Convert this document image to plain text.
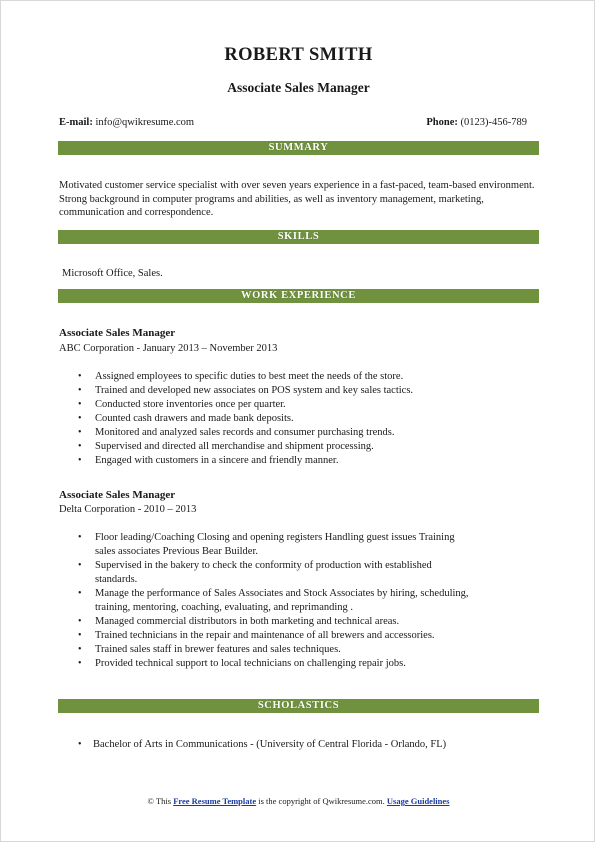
ROBERT SMITH
Associate Sales Manager
E-mail: info@qwikresume.com	Phone: (0123)-456-789
SUMMARY
Motivated customer service specialist with over seven years experience in a fast-paced, team-based environment. Strong background in computer programs and abilities, as well as inventory management, marketing, communication and correspondence.
SKILLS
Microsoft Office, Sales.
WORK EXPERIENCE
Associate Sales Manager
ABC Corporation - January 2013 – November 2013
• Assigned employees to specific duties to best meet the needs of the store.
• Trained and developed new associates on POS system and key sales tactics.
• Conducted store inventories once per quarter.
• Counted cash drawers and made bank deposits.
• Monitored and analyzed sales records and consumer purchasing trends.
• Supervised and directed all merchandise and shipment processing.
• Engaged with customers in a sincere and friendly manner.
Associate Sales Manager
Delta Corporation - 2010 – 2013
• Floor leading/Coaching Closing and opening registers Handling guest issues Training sales associates Previous Bear Builder.
• Supervised in the bakery to check the conformity of production with established standards.
• Manage the performance of Sales Associates and Stock Associates by hiring, scheduling, training, mentoring, coaching, evaluating, and reprimanding .
• Managed commercial distributors in both marketing and technical areas.
• Trained technicians in the repair and maintenance of all brewers and accessories.
• Trained sales staff in brewer features and sales techniques.
• Provided technical support to local technicians on challenging repair jobs.
SCHOLASTICS
• Bachelor of Arts in Communications - (University of Central Florida - Orlando, FL)
© This Free Resume Template is the copyright of Qwikresume.com. Usage Guidelines
